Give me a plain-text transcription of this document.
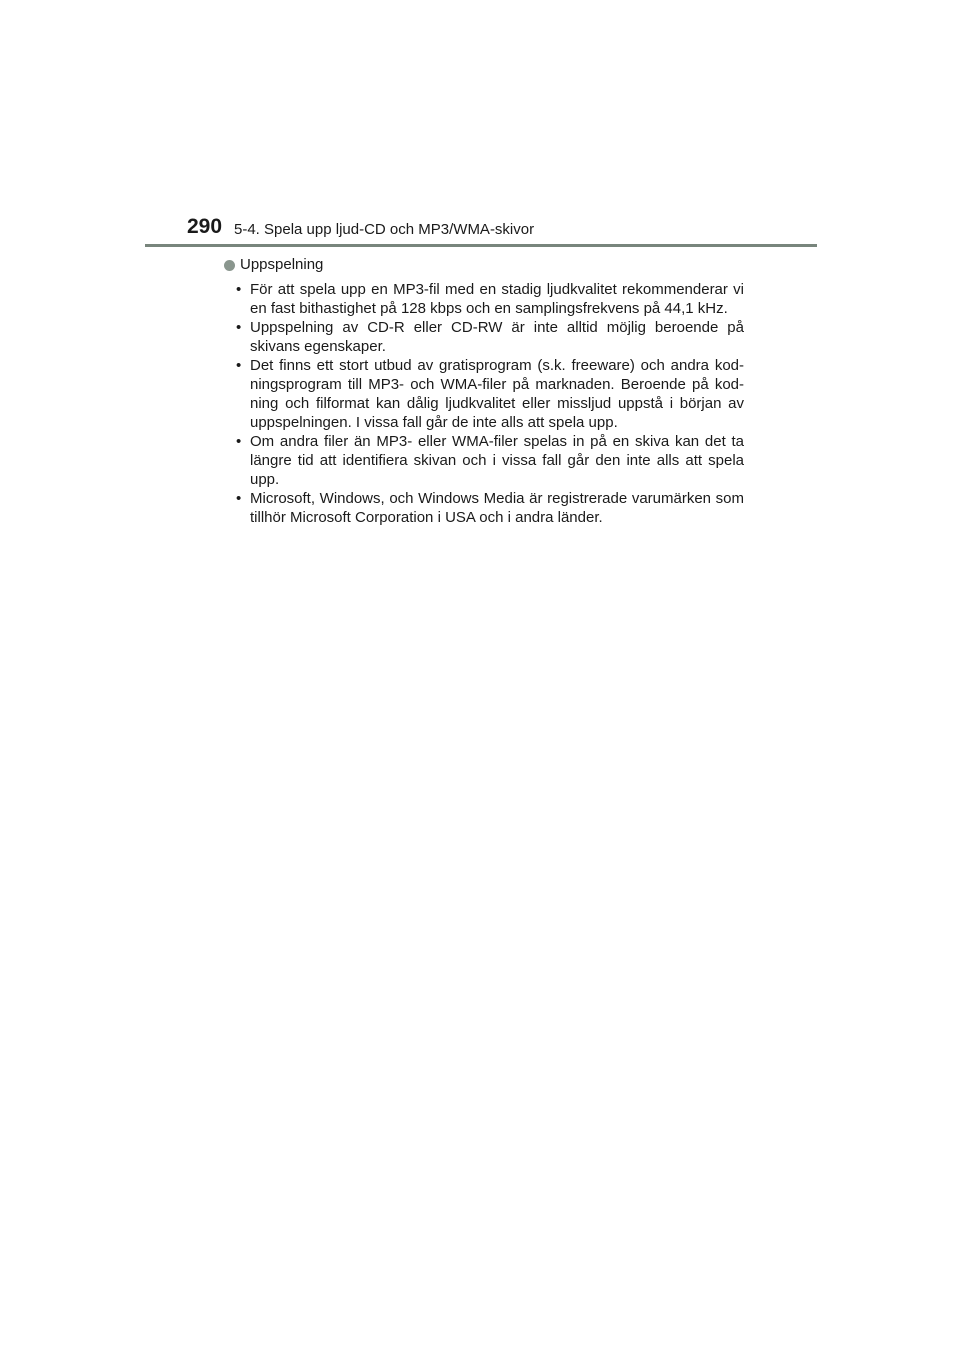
290 5-4. Spela upp ljud-CD och MP3/WMA-skivor
Uppspelning
• För att spela upp en MP3-fil med en stadig ljudkvalitet rekommenderar vi en fast bithastighet på 128 kbps och en samplingsfrekvens på 44,1 kHz.
• Uppspelning av CD-R eller CD-RW är inte alltid möjlig beroende på skivans egenskaper.
• Det finns ett stort utbud av gratisprogram (s.k. freeware) och andra kod-ningsprogram till MP3- och WMA-filer på marknaden. Beroende på kod-ning och filformat kan dålig ljudkvalitet eller missljud uppstå i början av uppspelningen. I vissa fall går de inte alls att spela upp.
• Om andra filer än MP3- eller WMA-filer spelas in på en skiva kan det ta längre tid att identifiera skivan och i vissa fall går den inte alls att spela upp.
• Microsoft, Windows, och Windows Media är registrerade varumärken som tillhör Microsoft Corporation i USA och i andra länder.
